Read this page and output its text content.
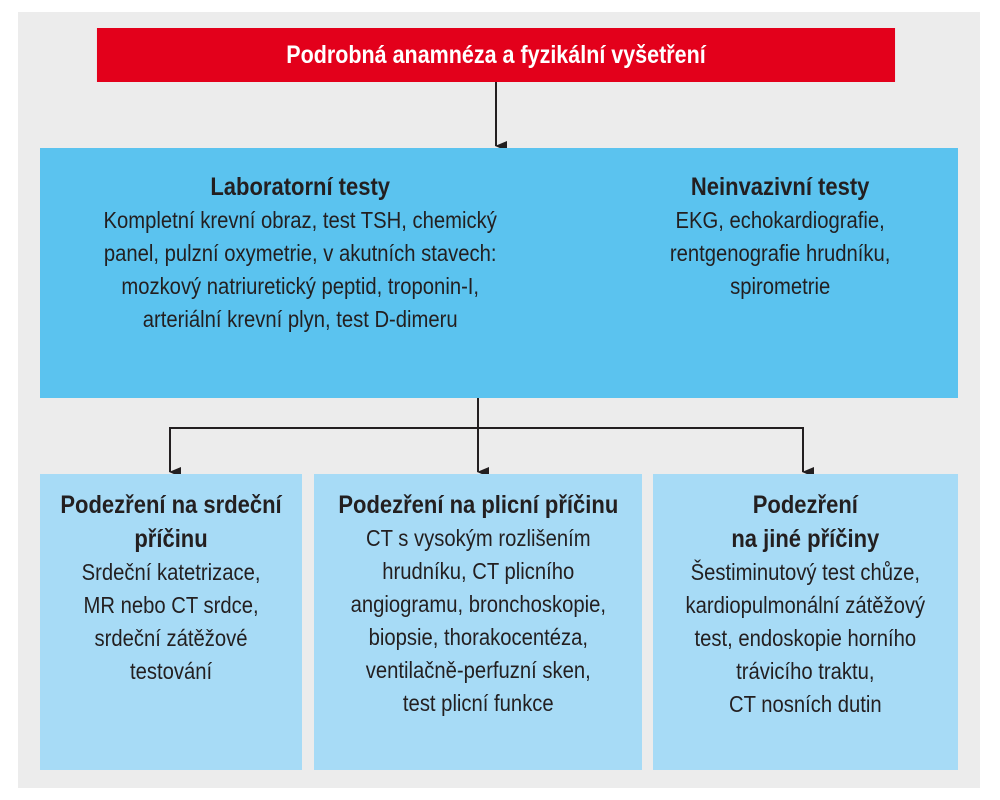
Podrobná anamnéza a fyzikální vyšetření
Laboratorní testy
Kompletní krevní obraz, test TSH, chemický
panel, pulzní oxymetrie, v akutních stavech:
mozkový natriuretický peptid, troponin-I,
arteriální krevní plyn, test D-dimeru
Neinvazivní testy
EKG, echokardiografie,
rentgenografie hrudníku,
spirometrie
Podezření na srdeční
příčinu
Srdeční katetrizace,
MR nebo CT srdce,
srdeční zátěžové
testování
Podezření na plicní příčinu
CT s vysokým rozlišením
hrudníku, CT plicního
angiogramu, bronchoskopie,
biopsie, thorakocentéza,
ventilačně-perfuzní sken,
test plicní funkce
Podezření
na jiné příčiny
Šestiminutový test chůze,
kardiopulmonální zátěžový
test, endoskopie horního
trávicího traktu,
CT nosních dutin
